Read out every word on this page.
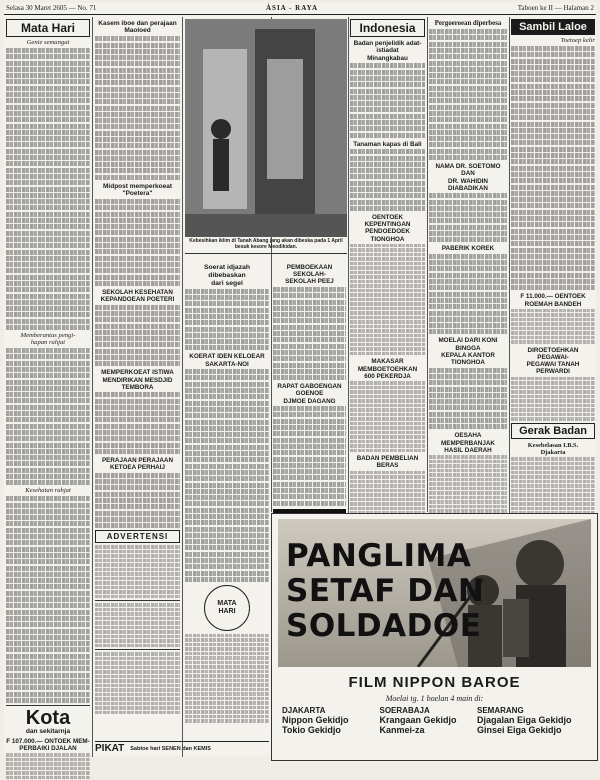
Selasa 30 Maret 2605 — No. 71	ÀSIA - RAYA	Taboen ke II — Halaman 2
Mata Hari
Genie semangat
Memberantas pengi-
hapan rahjat
Kesehatan rahjat
Kota
dan sekitarnja
F 107.000.— ONTOEK MEM-
PERBAIKI DJALAN
Kasem iboe dan perajaan
Maoloed
Midpost memperkoeat
"Poetera"
SEKOLAH KESEHATAN KEPANDOEAN POETERI
MEMPERKOEAT ISTIWA
MENDIRIKAN MESDJID
TEMBORA
PERAJAAN PERAJAAN
KETOEA PERHAIJ
ADVERTENSI
Kebesihkan iklim di Tanah Abang jang akan dibeska pada 1 April besuk kesore Meodikidan.
Soerat idjazah dibebaskan
dari segel
KOERAT IDEN KELOEAR
SAKARTA-NOI
MATA
HARI
PEMBOEKAAN SEKOLAH-
SEKOLAH PEEJ
RAPAT GABOENGAN GOENOE
DJMOE DAGANG
Indonesia
Badan penjelidik adat-istiadat
Minangkabau
Tanaman kapas di Bali
OENTOEK KEPENTINGAN
PENDOEDOEK TIONGHOA
MAKASAR MEMBOETOEHKAN
600 PEKERDJA
BADAN PEMBELIAN BERAS
Pergoeroean diperbesa
NAMA DR. SOETOMO DAN
DR. WAHIDIN
DIABADIKAN
PABERIK KOREK
MOELAI DARI KONI BINGGA
KEPALA KANTOR TIONGHOA
OESAHA MEMPERBANJAK
HASIL DAERAH
Sambil Laloe
Toetoep kelir
F 11.000.— OENTOEK
ROEMAH BANDEH
DIROETOEHKAN PEGAWAI-
PEGAWAI TANAH PERWARDI
Gerak Badan
Kesebelasan I.B.S.
Djakarta
PANGLIMA
SETAF DAN
SOLDADOE
FILM NIPPON BAROE
Moelai tg. 1 boelan 4 main di:
DJAKARTA
Nippon Gekidjo
Tokio Gekidjo
SOERABAJA
Krangaan Gekidjo
Kanmei-za
SEMARANG
Djagalan Eiga Gekidjo
Ginsei Eiga Gekidjo
PIKAT Sabtoe hari SENEN dan KEMIS
